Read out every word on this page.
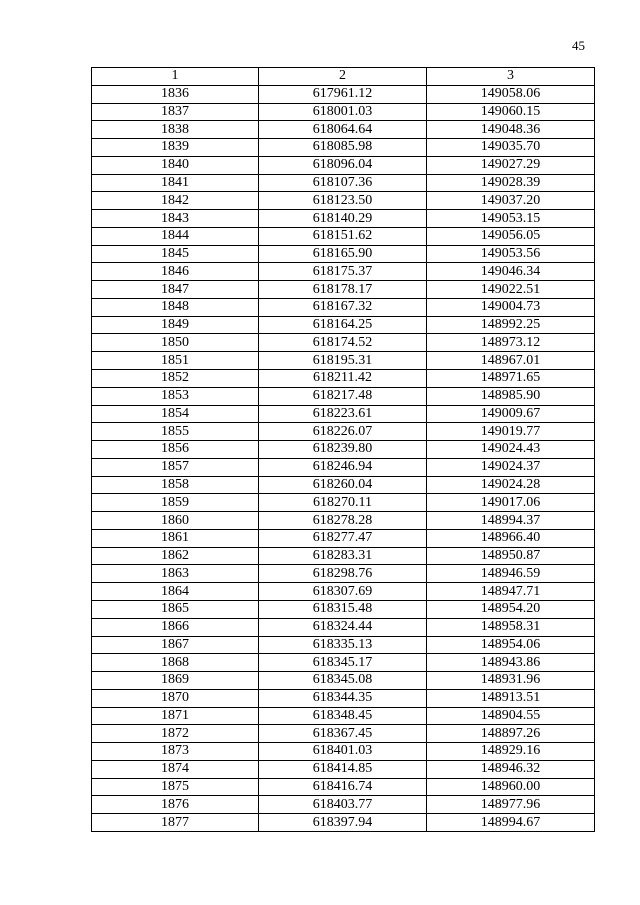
45
1	2	3
1836	617961.12	149058.06
1837	618001.03	149060.15
1838	618064.64	149048.36
1839	618085.98	149035.70
1840	618096.04	149027.29
1841	618107.36	149028.39
1842	618123.50	149037.20
1843	618140.29	149053.15
1844	618151.62	149056.05
1845	618165.90	149053.56
1846	618175.37	149046.34
1847	618178.17	149022.51
1848	618167.32	149004.73
1849	618164.25	148992.25
1850	618174.52	148973.12
1851	618195.31	148967.01
1852	618211.42	148971.65
1853	618217.48	148985.90
1854	618223.61	149009.67
1855	618226.07	149019.77
1856	618239.80	149024.43
1857	618246.94	149024.37
1858	618260.04	149024.28
1859	618270.11	149017.06
1860	618278.28	148994.37
1861	618277.47	148966.40
1862	618283.31	148950.87
1863	618298.76	148946.59
1864	618307.69	148947.71
1865	618315.48	148954.20
1866	618324.44	148958.31
1867	618335.13	148954.06
1868	618345.17	148943.86
1869	618345.08	148931.96
1870	618344.35	148913.51
1871	618348.45	148904.55
1872	618367.45	148897.26
1873	618401.03	148929.16
1874	618414.85	148946.32
1875	618416.74	148960.00
1876	618403.77	148977.96
1877	618397.94	148994.67
